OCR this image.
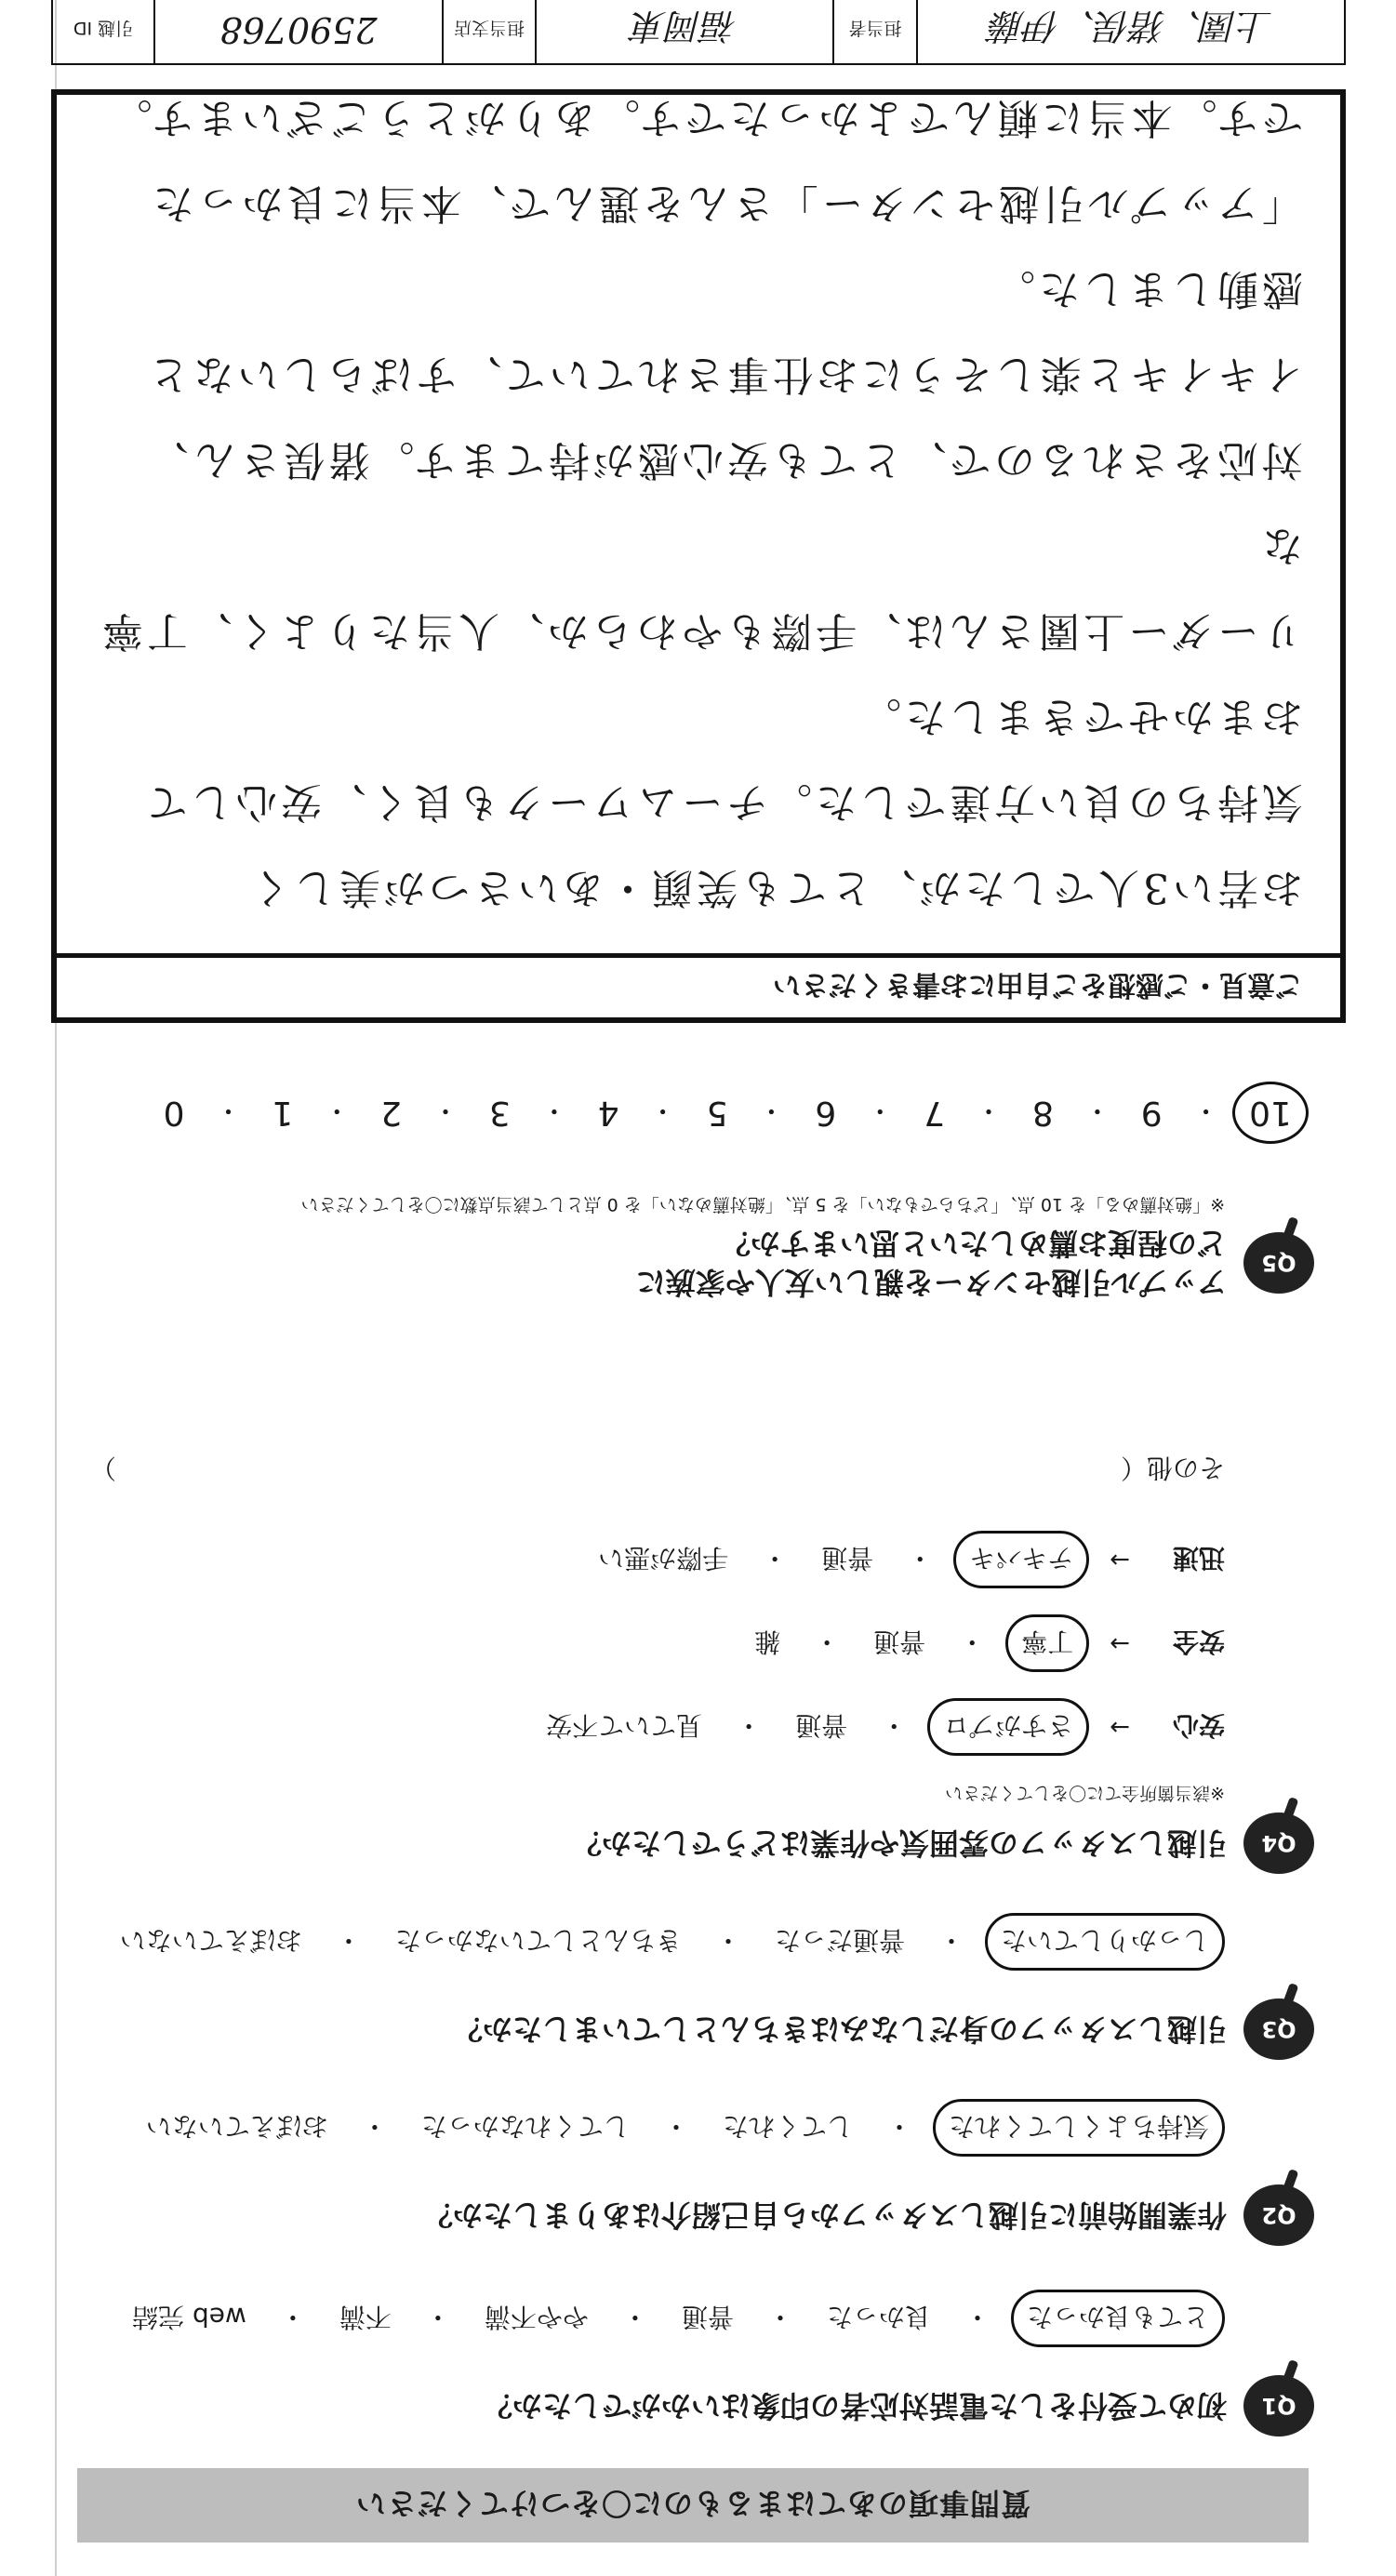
質問事項のあてはまるものに〇をつけてください
Q1
初めて受付をした電話対応者の印象はいかがでしたか？
とても良かった
・
良かった
・
普通
・
やや不満
・
不満
・
web 完結
Q2
作業開始前に引越しスタッフから自己紹介はありましたか？
気持ちよくしてくれた
・
してくれた
・
してくれなかった
・
おぼえていない
Q3
引越しスタッフの身だしなみはきちんとしていましたか？
しっかりしていた
・
普通だった
・
きちんとしていなかった
・
おぼえていない
Q4
引越しスタッフの雰囲気や作業はどうでしたか？
※該当箇所全てに〇をしてください
安心
→
さすがプロ
・
普通
・
見ていて不安
安全
→
丁寧
・
普通
・
雑
迅速
→
テキパキ
・
普通
・
手際が悪い
その他（
）
Q5
アップル引越センターを親しい友人や家族に
どの程度お薦めしたいと思いますか？
※「絶対薦める」を 10 点、「どちらでもない」を 5 点、「絶対薦めない」を 0 点として該当点数に〇をしてください
10
・
9
・
8
・
7
・
6
・
5
・
4
・
3
・
2
・
1
・
0
ご意見・ご感想をご自由にお書きください
お若い3人でしたが、とても笑顔・あいさつが美しく
気持ちの良い方達でした。チームワークも良く、安心して
おまかせできました。
リーダー上園さんは、手際もやわらか、人当たりよく、丁寧な
対応をされるので、とても安心感が持てます。猪俣さん、
イキイキと楽しそうにお仕事されていて、すばらしいなと
感動しました。
「アップル引越センター」さんを選んで、本当に良かった
です。本当に頼んでよかったです。ありがとうございます。
上園、猪俣、伊藤
担当者
福岡東
担当支店
2590768
引越 ID
